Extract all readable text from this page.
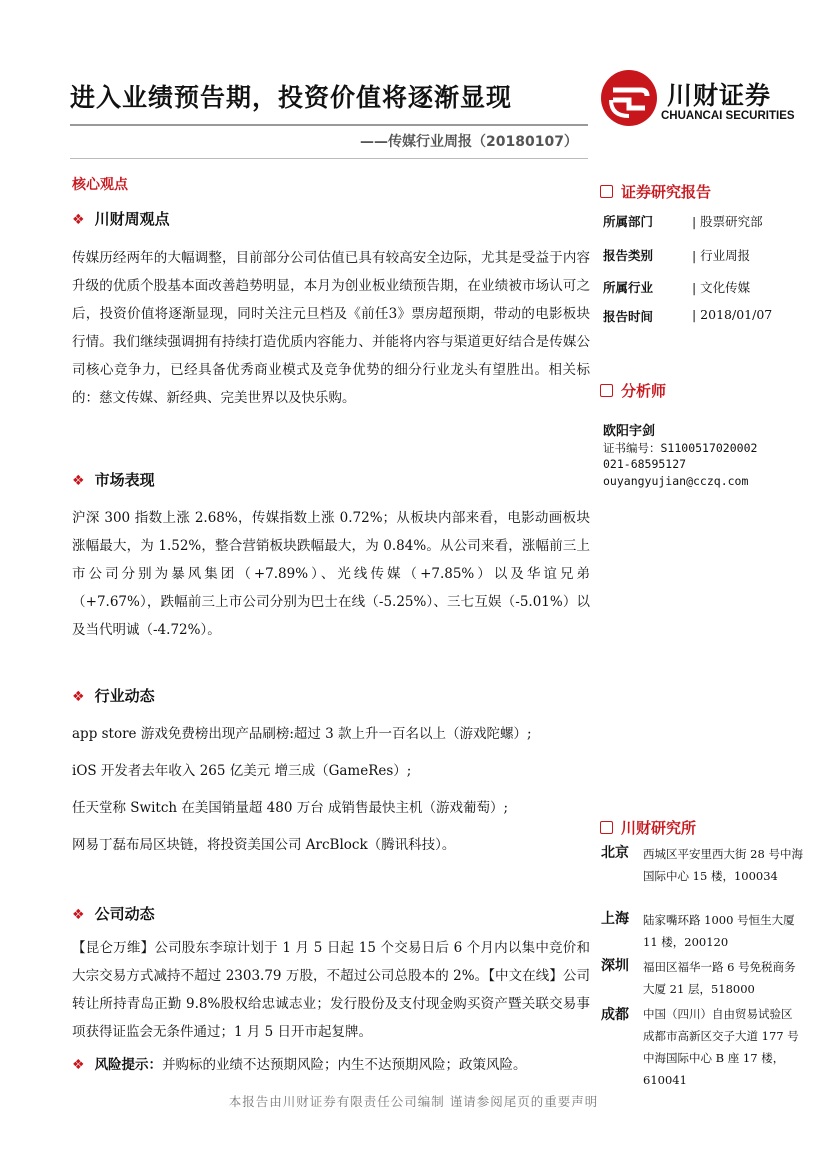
进入业绩预告期，投资价值将逐渐显现
——传媒行业周报（20180107）
川财证券
CHUANCAI SECURITIES
核心观点
❖ 川财周观点
传媒历经两年的大幅调整，目前部分公司估值已具有较高安全边际，尤其是受益于内容升级的优质个股基本面改善趋势明显，本月为创业板业绩预告期，在业绩被市场认可之后，投资价值将逐渐显现，同时关注元旦档及《前任3》票房超预期，带动的电影板块行情。我们继续强调拥有持续打造优质内容能力、并能将内容与渠道更好结合是传媒公司核心竞争力，已经具备优秀商业模式及竞争优势的细分行业龙头有望胜出。相关标的：慈文传媒、新经典、完美世界以及快乐购。
❖ 市场表现
沪深 300 指数上涨 2.68%，传媒指数上涨 0.72%；从板块内部来看，电影动画板块涨幅最大，为 1.52%，整合营销板块跌幅最大，为 0.84%。从公司来看，涨幅前三上市公司分别为暴风集团（+7.89%）、光线传媒（+7.85%）以及华谊兄弟（+7.67%），跌幅前三上市公司分别为巴士在线（-5.25%）、三七互娱（-5.01%）以及当代明诚（-4.72%）。
❖ 行业动态
app store 游戏免费榜出现产品刷榜:超过 3 款上升一百名以上（游戏陀螺）;
iOS 开发者去年收入 265 亿美元 增三成（GameRes）;
任天堂称 Switch 在美国销量超 480 万台 成销售最快主机（游戏葡萄）;
网易丁磊布局区块链，将投资美国公司 ArcBlock（腾讯科技）。
❖ 公司动态
【昆仑万维】公司股东李琼计划于 1 月 5 日起 15 个交易日后 6 个月内以集中竞价和大宗交易方式减持不超过 2303.79 万股，不超过公司总股本的 2%。【中文在线】公司转让所持青岛正勤 9.8%股权给忠诚志业；发行股份及支付现金购买资产暨关联交易事项获得证监会无条件通过；1 月 5 日开市起复牌。
❖ 风险提示：并购标的业绩不达预期风险；内生不达预期风险；政策风险。
本报告由川财证券有限责任公司编制 谨请参阅尾页的重要声明
证券研究报告
所属部门	| 股票研究部
报告类别	| 行业周报
所属行业	| 文化传媒
报告时间	| 2018/01/07
分析师
欧阳宇剑
证书编号：S1100517020002
021-68595127
ouyangyujian@cczq.com
川财研究所
北京 西城区平安里西大街 28 号中海国际中心 15 楼，100034
上海 陆家嘴环路 1000 号恒生大厦 11 楼，200120
深圳 福田区福华一路 6 号免税商务大厦 21 层，518000
成都 中国（四川）自由贸易试验区成都市高新区交子大道 177 号中海国际中心 B 座 17 楼，610041
